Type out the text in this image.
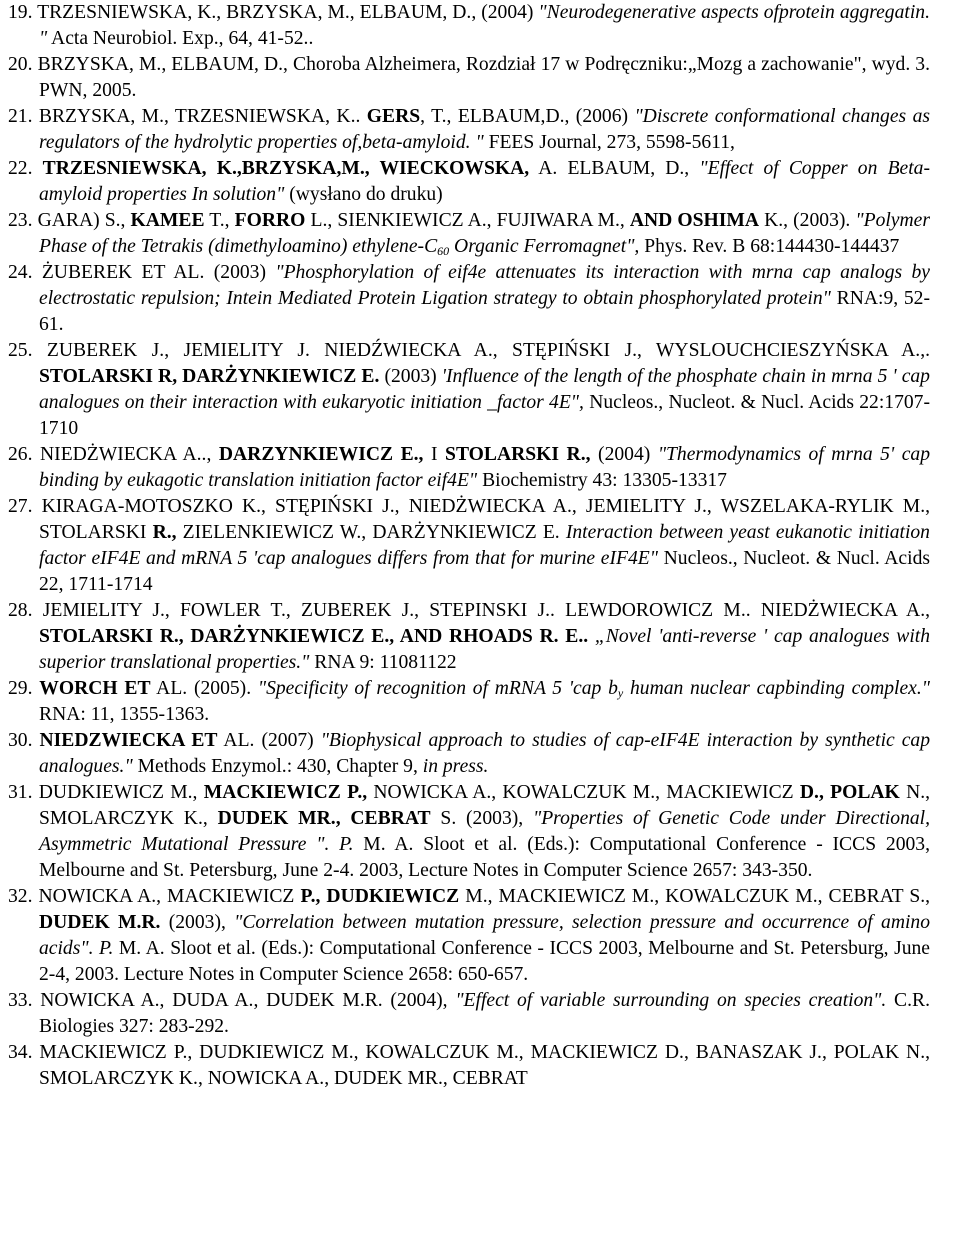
19. TRZESNIEWSKA, K., BRZYSKA, M., ELBAUM, D., (2004) "Neurodegenerative aspects ofprotein aggregatin. " Acta Neurobiol. Exp., 64, 41-52..

20. BRZYSKA, M., ELBAUM, D., Choroba Alzheimera, Rozdział 17 w Podręczniku:„Mozg a zachowanie", wyd. 3. PWN, 2005.

21. BRZYSKA, M., TRZESNIEWSKA, K.. GERS, T., ELBAUM,D., (2006) "Discrete conformational changes as regulators of the hydrolytic properties of,beta-amyloid. " FEES Journal, 273, 5598-5611,

22. TRZESNIEWSKA, K.,BRZYSKA,M., WIECKOWSKA, A. ELBAUM, D., "Effect of Copper on Beta-amyloid properties In solution" (wysłano do druku)

23. GARA) S., KAMEE T., FORRO L., SIENKIEWICZ A., FUJIWARA M., AND OSHIMA K., (2003). "Polymer Phase of the Tetrakis (dimethyloamino) ethylene-$C_{60}$ Organic Ferromagnet", Phys. Rev. B 68:144430-144437

24. ŻUBEREK ET AL. (2003) "Phosphorylation of eif4e attenuates its interaction with mrna cap analogs by electrostatic repulsion; Intein Mediated Protein Ligation strategy to obtain phosphorylated protein" RNA:9, 52-61.

25. ZUBEREK J., JEMIELITY J. NIEDŹWIECKA A., STĘPIŃSKI J., WYSLOUCHCIESZYŃSKA A.,. STOLARSKI R, DARŻYNKIEWICZ E. (2003) 'Influence of the length of the phosphate chain in mrna 5 ' cap analogues on their interaction with eukaryotic initiation _factor 4E", Nucleos., Nucleot. & Nucl. Acids 22:1707-1710

26. NIEDŻWIECKA A.., DARZYNKIEWICZ E., I STOLARSKI R., (2004) "Thermodynamics of mrna 5' cap binding by eukagotic translation initiation factor eif4E" Biochemistry 43: 13305-13317

27. KIRAGA-MOTOSZKO K., STĘPIŃSKI J., NIEDŻWIECKA A., JEMIELITY J., WSZELAKA-RYLIK M., STOLARSKI R., ZIELENKIEWICZ W., DARŻYNKIEWICZ E. Interaction between yeast eukanotic initiation factor eIF4E and mRNA 5 'cap analogues differs from that for murine eIF4E" Nucleos., Nucleot. & Nucl. Acids 22, 1711-1714

28. JEMIELITY J., FOWLER T., ZUBEREK J., STEPINSKI J.. LEWDOROWICZ M.. NIEDŻWIECKA A., STOLARSKI R., DARŻYNKIEWICZ E., AND RHOADS R. E.. „Novel 'anti-reverse ' cap analogues with superior translational properties." RNA 9: 11081122

29. WORCH ET AL. (2005). "Specificity of recognition of mRNA 5 'cap $b_y$ human nuclear capbinding complex." RNA: 11, 1355-1363.

30. NIEDZWIECKA ET AL. (2007) "Biophysical approach to studies of cap-eIF4E interaction by synthetic cap analogues." Methods Enzymol.: 430, Chapter 9, in press.

31. DUDKIEWICZ M., MACKIEWICZ P., NOWICKA A., KOWALCZUK M., MACKIEWICZ D., POLAK N., SMOLARCZYK K., DUDEK MR., CEBRAT S. (2003), "Properties of Genetic Code under Directional, Asymmetric Mutational Pressure ". P. M. A. Sloot et al. (Eds.): Computational Conference - ICCS 2003, Melbourne and St. Petersburg, June 2-4. 2003, Lecture Notes in Computer Science 2657: 343-350.

32. NOWICKA A., MACKIEWICZ P., DUDKIEWICZ M., MACKIEWICZ M., KOWALCZUK M., CEBRAT S., DUDEK M.R. (2003), "Correlation between mutation pressure, selection pressure and occurrence of amino acids". P. M. A. Sloot et al. (Eds.): Computational Conference - ICCS 2003, Melbourne and St. Petersburg, June 2-4, 2003. Lecture Notes in Computer Science 2658: 650-657.

33. NOWICKA A., DUDA A., DUDEK M.R. (2004), "Effect of variable surrounding on species creation". C.R. Biologies 327: 283-292.

34. MACKIEWICZ P., DUDKIEWICZ M., KOWALCZUK M., MACKIEWICZ D., BANASZAK J., POLAK N., SMOLARCZYK K., NOWICKA A., DUDEK MR., CEBRAT
